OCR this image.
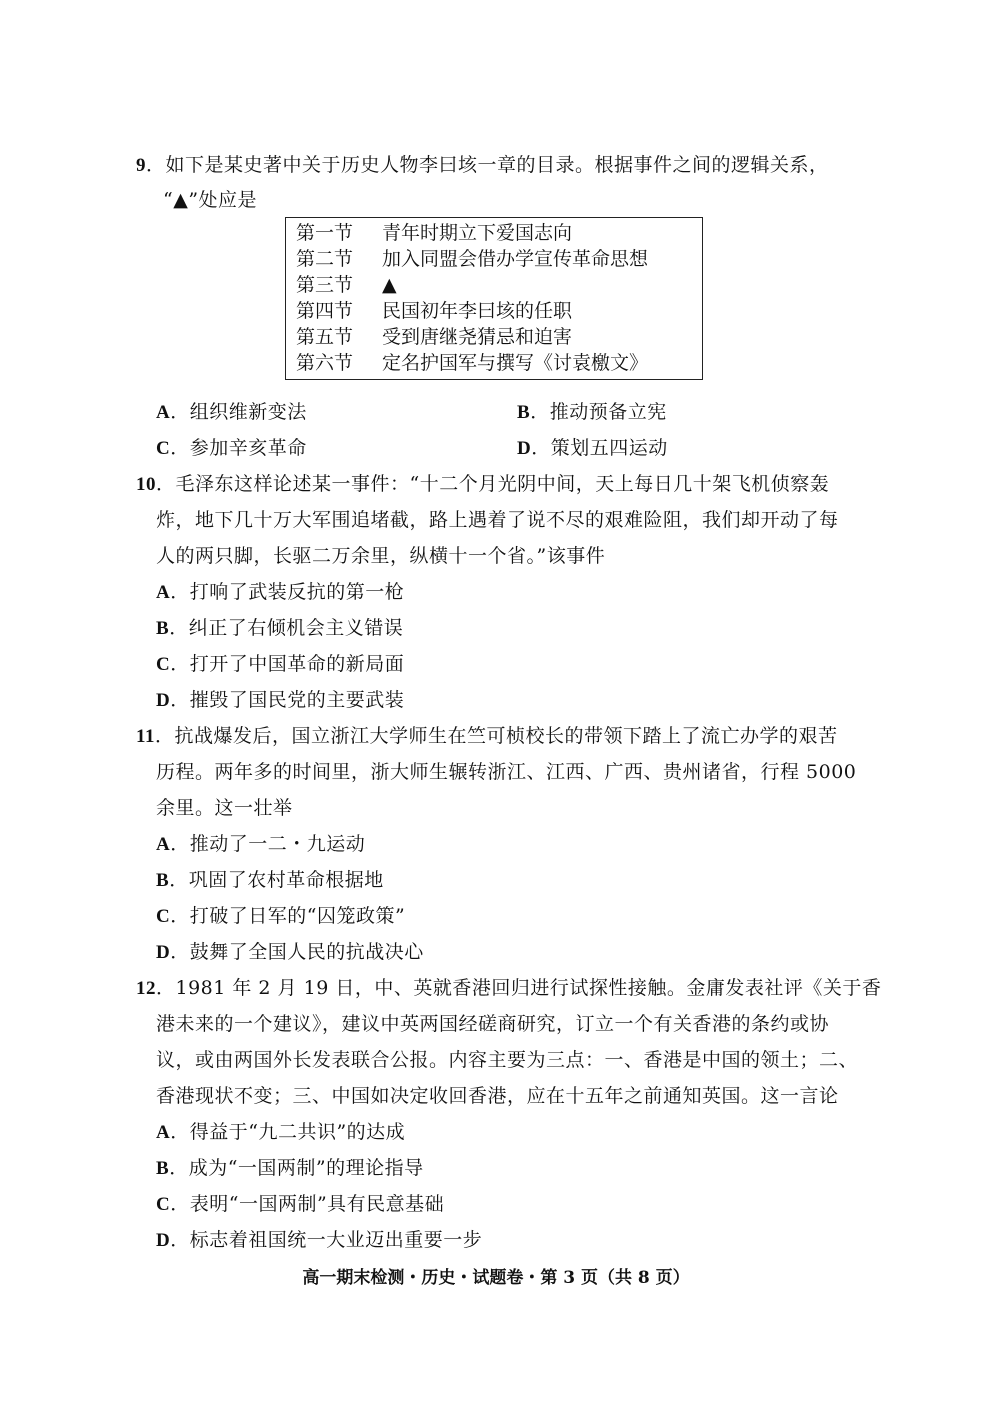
9．如下是某史著中关于历史人物李曰垓一章的目录。根据事件之间的逻辑关系，
“▲”处应是
第一节 青年时期立下爱国志向
第二节 加入同盟会借办学宣传革命思想
第三节 ▲
第四节 民国初年李曰垓的任职
第五节 受到唐继尧猜忌和迫害
第六节 定名护国军与撰写《讨袁檄文》
A．组织维新变法	B．推动预备立宪
C．参加辛亥革命	D．策划五四运动
10．毛泽东这样论述某一事件：“十二个月光阴中间，天上每日几十架飞机侦察轰
炸，地下几十万大军围追堵截，路上遇着了说不尽的艰难险阻，我们却开动了每
人的两只脚，长驱二万余里，纵横十一个省。”该事件
A．打响了武装反抗的第一枪
B．纠正了右倾机会主义错误
C．打开了中国革命的新局面
D．摧毁了国民党的主要武装
11．抗战爆发后，国立浙江大学师生在竺可桢校长的带领下踏上了流亡办学的艰苦
历程。两年多的时间里，浙大师生辗转浙江、江西、广西、贵州诸省，行程 5000
余里。这一壮举
A．推动了一二・九运动
B．巩固了农村革命根据地
C．打破了日军的“囚笼政策”
D．鼓舞了全国人民的抗战决心
12．1981 年 2 月 19 日，中、英就香港回归进行试探性接触。金庸发表社评《关于香
港未来的一个建议》，建议中英两国经磋商研究，订立一个有关香港的条约或协
议，或由两国外长发表联合公报。内容主要为三点：一、香港是中国的领土；二、
香港现状不变；三、中国如决定收回香港，应在十五年之前通知英国。这一言论
A．得益于“九二共识”的达成
B．成为“一国两制”的理论指导
C．表明“一国两制”具有民意基础
D．标志着祖国统一大业迈出重要一步
高一期末检测・历史・试题卷・第 3 页（共 8 页）
